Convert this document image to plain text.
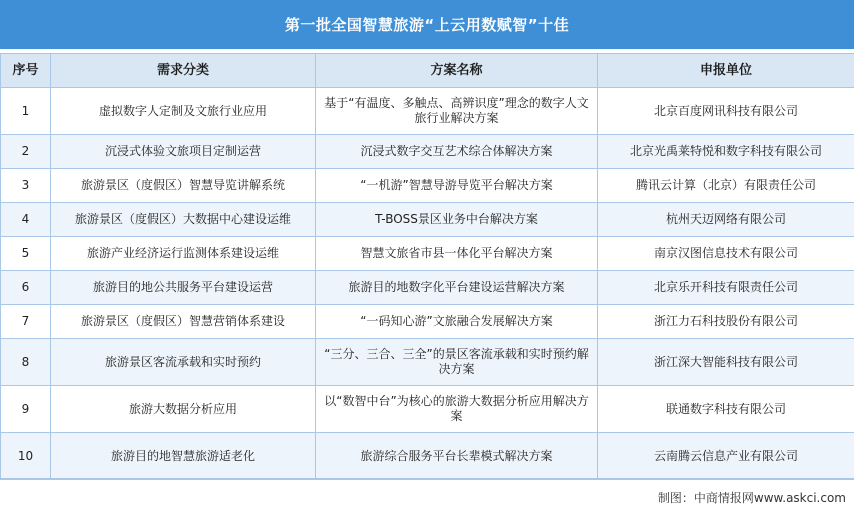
第一批全国智慧旅游“上云用数赋智”十佳
序号	需求分类	方案名称	申报单位
1	虚拟数字人定制及文旅行业应用	基于“有温度、多触点、高辨识度”理念的数字人文旅行业解决方案	北京百度网讯科技有限公司
2	沉浸式体验文旅项目定制运营	沉浸式数字交互艺术综合体解决方案	北京光禹莱特悦和数字科技有限公司
3	旅游景区（度假区）智慧导览讲解系统	“一机游”智慧导游导览平台解决方案	腾讯云计算（北京）有限责任公司
4	旅游景区（度假区）大数据中心建设运维	T-BOSS景区业务中台解决方案	杭州天迈网络有限公司
5	旅游产业经济运行监测体系建设运维	智慧文旅省市县一体化平台解决方案	南京汉图信息技术有限公司
6	旅游目的地公共服务平台建设运营	旅游目的地数字化平台建设运营解决方案	北京乐开科技有限责任公司
7	旅游景区（度假区）智慧营销体系建设	“一码知心游”文旅融合发展解决方案	浙江力石科技股份有限公司
8	旅游景区客流承载和实时预约	“三分、三合、三全”的景区客流承载和实时预约解决方案	浙江深大智能科技有限公司
9	旅游大数据分析应用	以“数智中台”为核心的旅游大数据分析应用解决方案	联通数字科技有限公司
10	旅游目的地智慧旅游适老化	旅游综合服务平台长辈模式解决方案	云南腾云信息产业有限公司
制图：中商情报网www.askci.com
